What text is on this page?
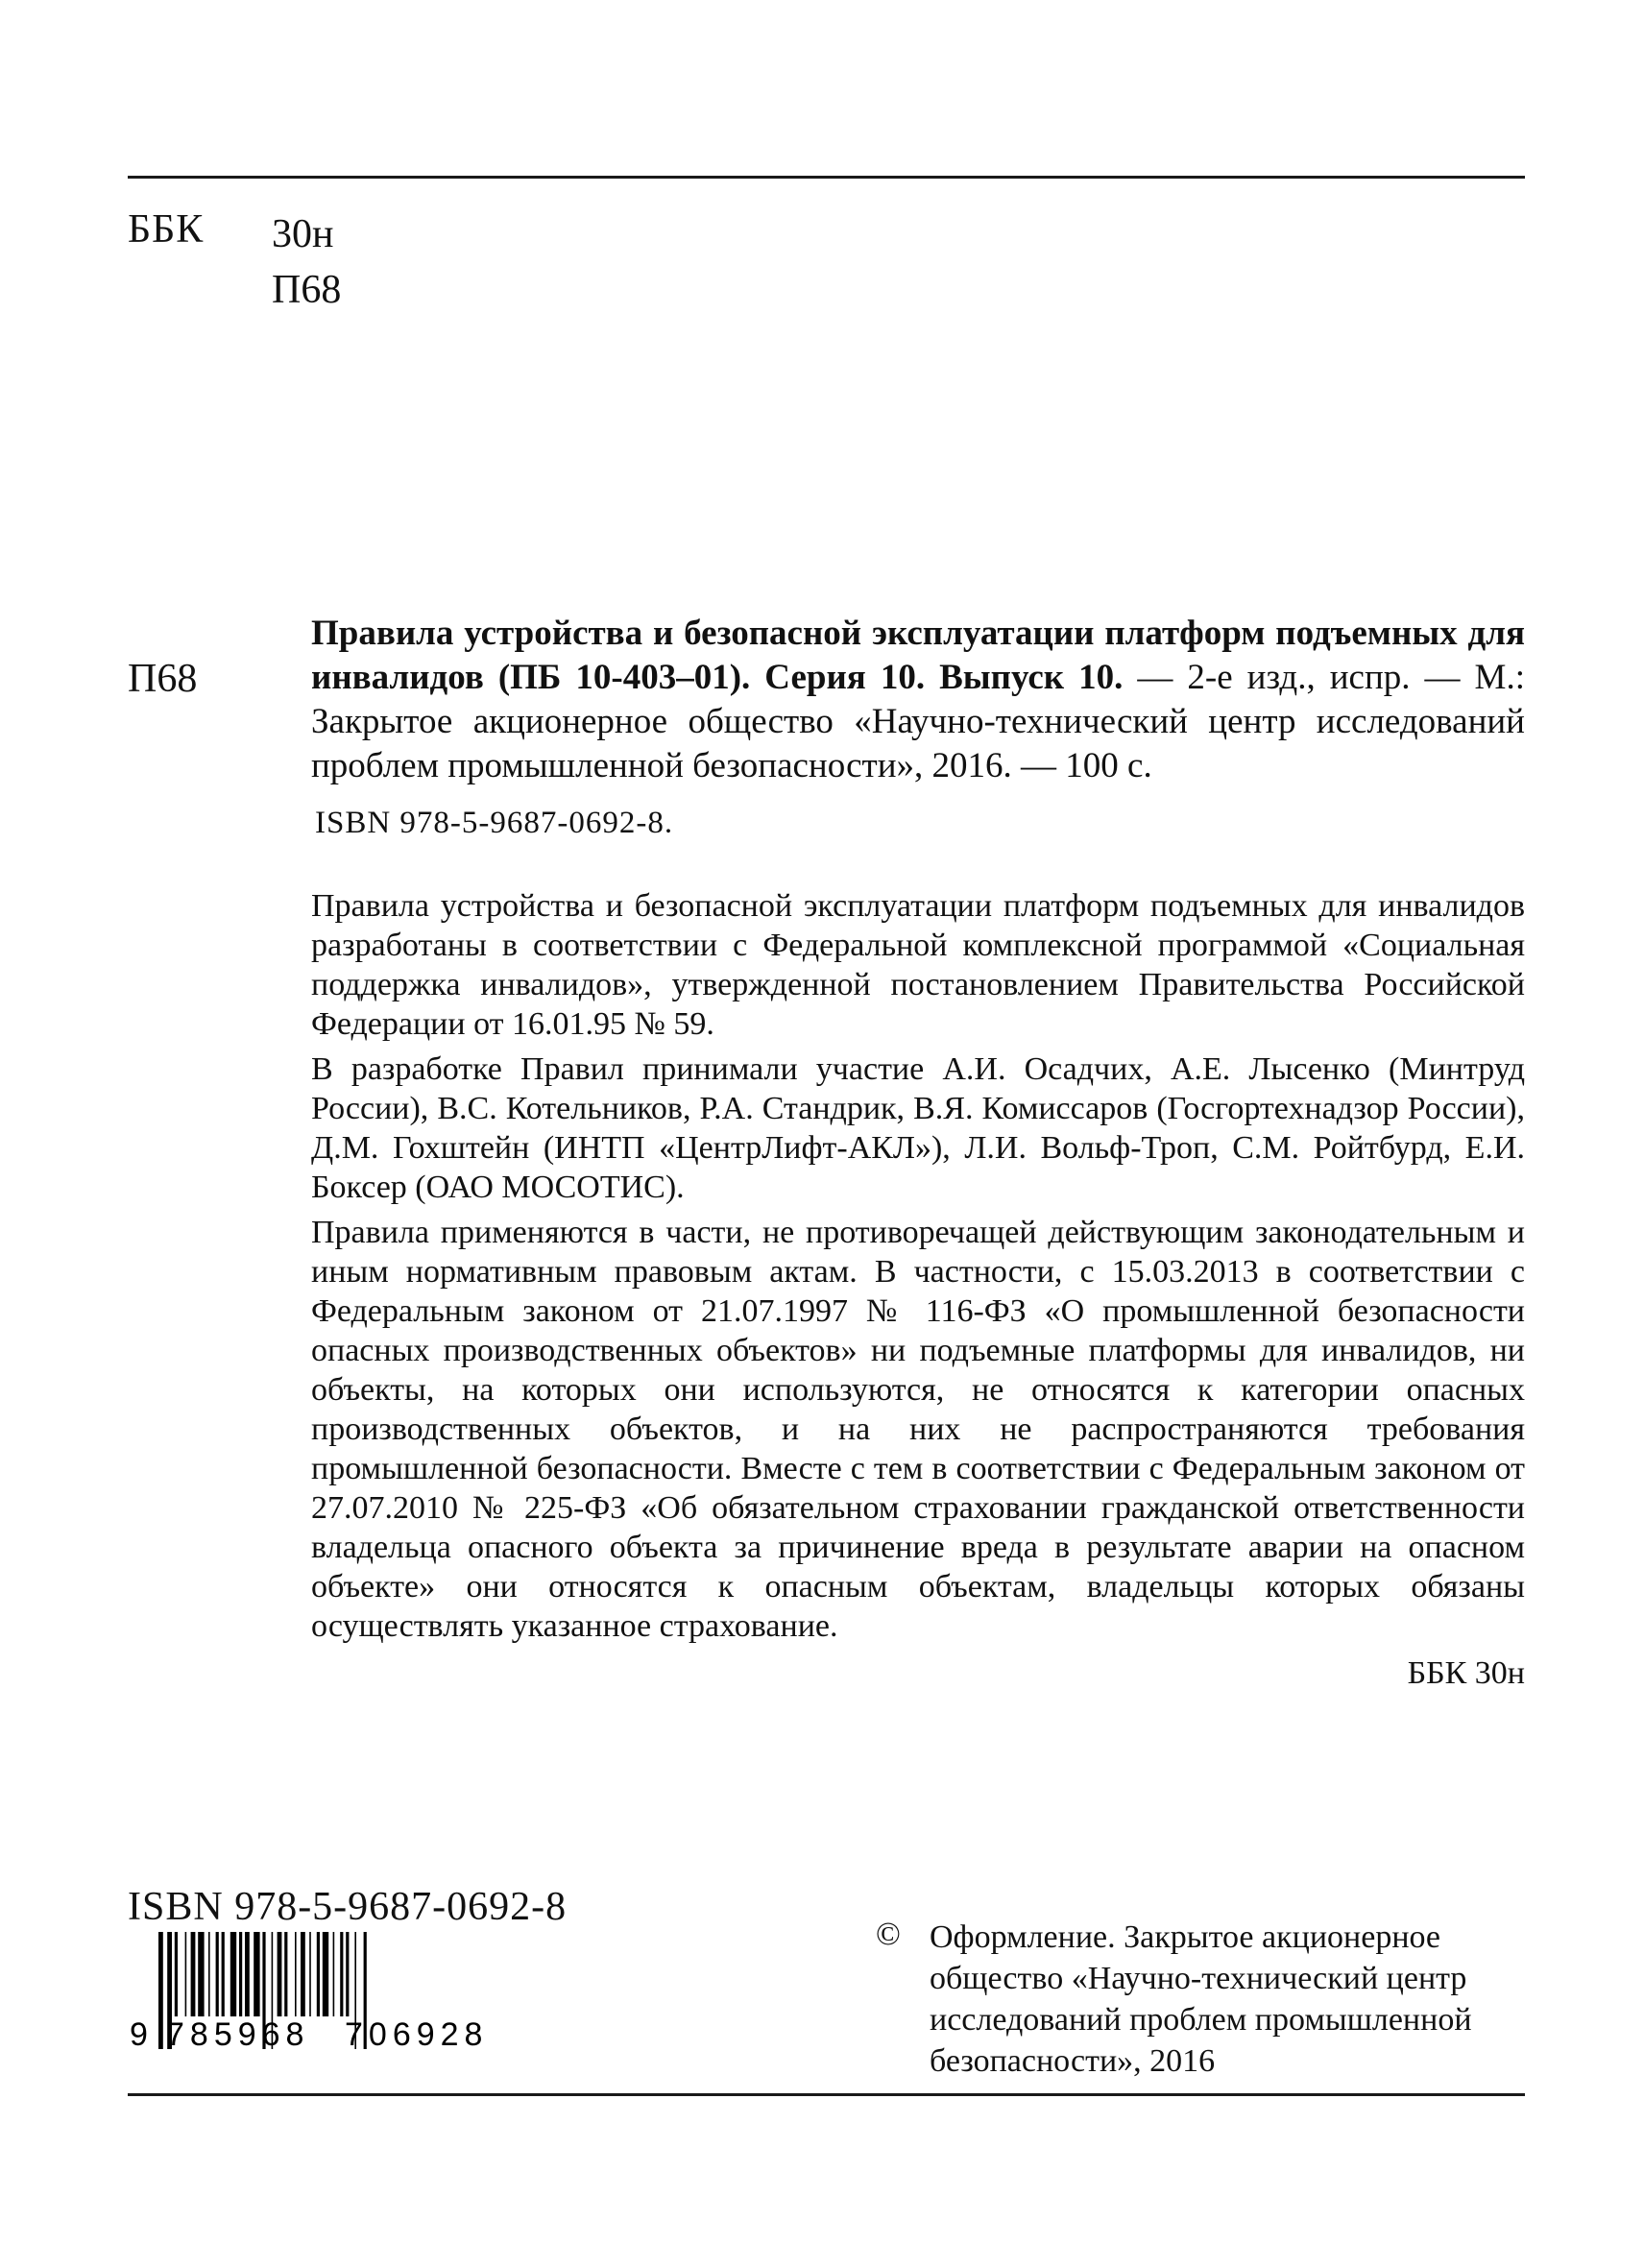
ББК 30н
П68
П68

Правила устройства и безопасной эксплуатации платформ подъемных для инвалидов (ПБ 10-403–01). Серия 10. Выпуск 10. — 2-е изд., испр. — М.: Закрытое акционерное общество «Научно-технический центр исследований проблем промышленной безопасности», 2016. — 100 с.

ISBN 978-5-9687-0692-8.

Правила устройства и безопасной эксплуатации платформ подъемных для инвалидов разработаны в соответствии с Федеральной комплексной программой «Социальная поддержка инвалидов», утвержденной постановлением Правительства Российской Федерации от 16.01.95 № 59.

В разработке Правил принимали участие А.И. Осадчих, А.Е. Лысенко (Минтруд России), В.С. Котельников, Р.А. Стандрик, В.Я. Комиссаров (Госгортехнадзор России), Д.М. Гохштейн (ИНТП «ЦентрЛифт-АКЛ»), Л.И. Вольф-Троп, С.М. Ройтбурд, Е.И. Боксер (ОАО МОСОТИС).

Правила применяются в части, не противоречащей действующим законодательным и иным нормативным правовым актам. В частности, с 15.03.2013 в соответствии с Федеральным законом от 21.07.1997 № 116-ФЗ «О промышленной безопасности опасных производственных объектов» ни подъемные платформы для инвалидов, ни объекты, на которых они используются, не относятся к категории опасных производственных объектов, и на них не распространяются требования промышленной безопасности. Вместе с тем в соответствии с Федеральным законом от 27.07.2010 № 225-ФЗ «Об обязательном страховании гражданской ответственности владельца опасного объекта за причинение вреда в результате аварии на опасном объекте» они относятся к опасным объектам, владельцы которых обязаны осуществлять указанное страхование.

ББК 30н

ISBN 978-5-9687-0692-8
9 785968 706928
© Оформление. Закрытое акционерное общество «Научно-технический центр исследований проблем промышленной безопасности», 2016
